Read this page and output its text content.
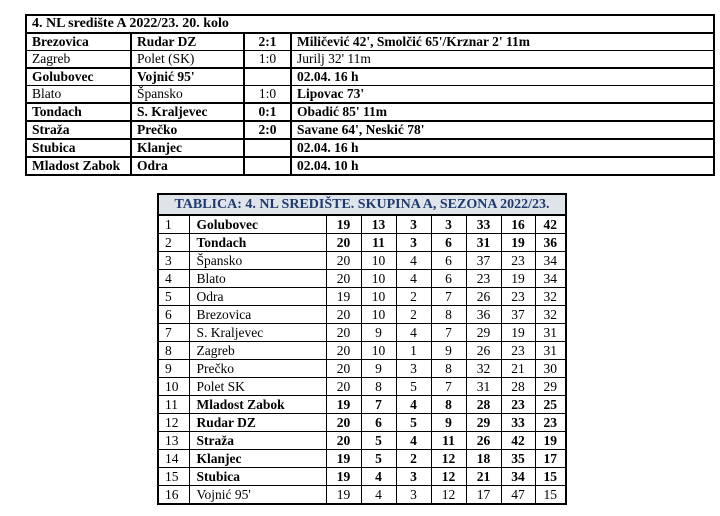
4. NL središte A 2022/23. 20. kolo			
Brezovica	Rudar DZ	2:1	Miličević 42', Smolčić 65'/Krznar 2' 11m
Zagreb	Polet (SK)	1:0	Jurilj 32' 11m
Golubovec	Vojnić 95'		02.04. 16 h
Blato	Špansko	1:0	Lipovac 73'
Tondach	S. Kraljevec	0:1	Obadić 85' 11m
Straža	Prečko	2:0	Savane 64', Neskić 78'
Stubica	Klanjec		02.04. 16 h
Mladost Zabok	Odra		02.04. 10 h
TABLICA: 4. NL SREDIŠTE. SKUPINA A, SEZONA 2022/23.								
1	Golubovec	19	13	3	3	33	16	42
2	Tondach	20	11	3	6	31	19	36
3	Špansko	20	10	4	6	37	23	34
4	Blato	20	10	4	6	23	19	34
5	Odra	19	10	2	7	26	23	32
6	Brezovica	20	10	2	8	36	37	32
7	S. Kraljevec	20	9	4	7	29	19	31
8	Zagreb	20	10	1	9	26	23	31
9	Prečko	20	9	3	8	32	21	30
10	Polet SK	20	8	5	7	31	28	29
11	Mladost Zabok	19	7	4	8	28	23	25
12	Rudar DZ	20	6	5	9	29	33	23
13	Straža	20	5	4	11	26	42	19
14	Klanjec	19	5	2	12	18	35	17
15	Stubica	19	4	3	12	21	34	15
16	Vojnić 95'	19	4	3	12	17	47	15
